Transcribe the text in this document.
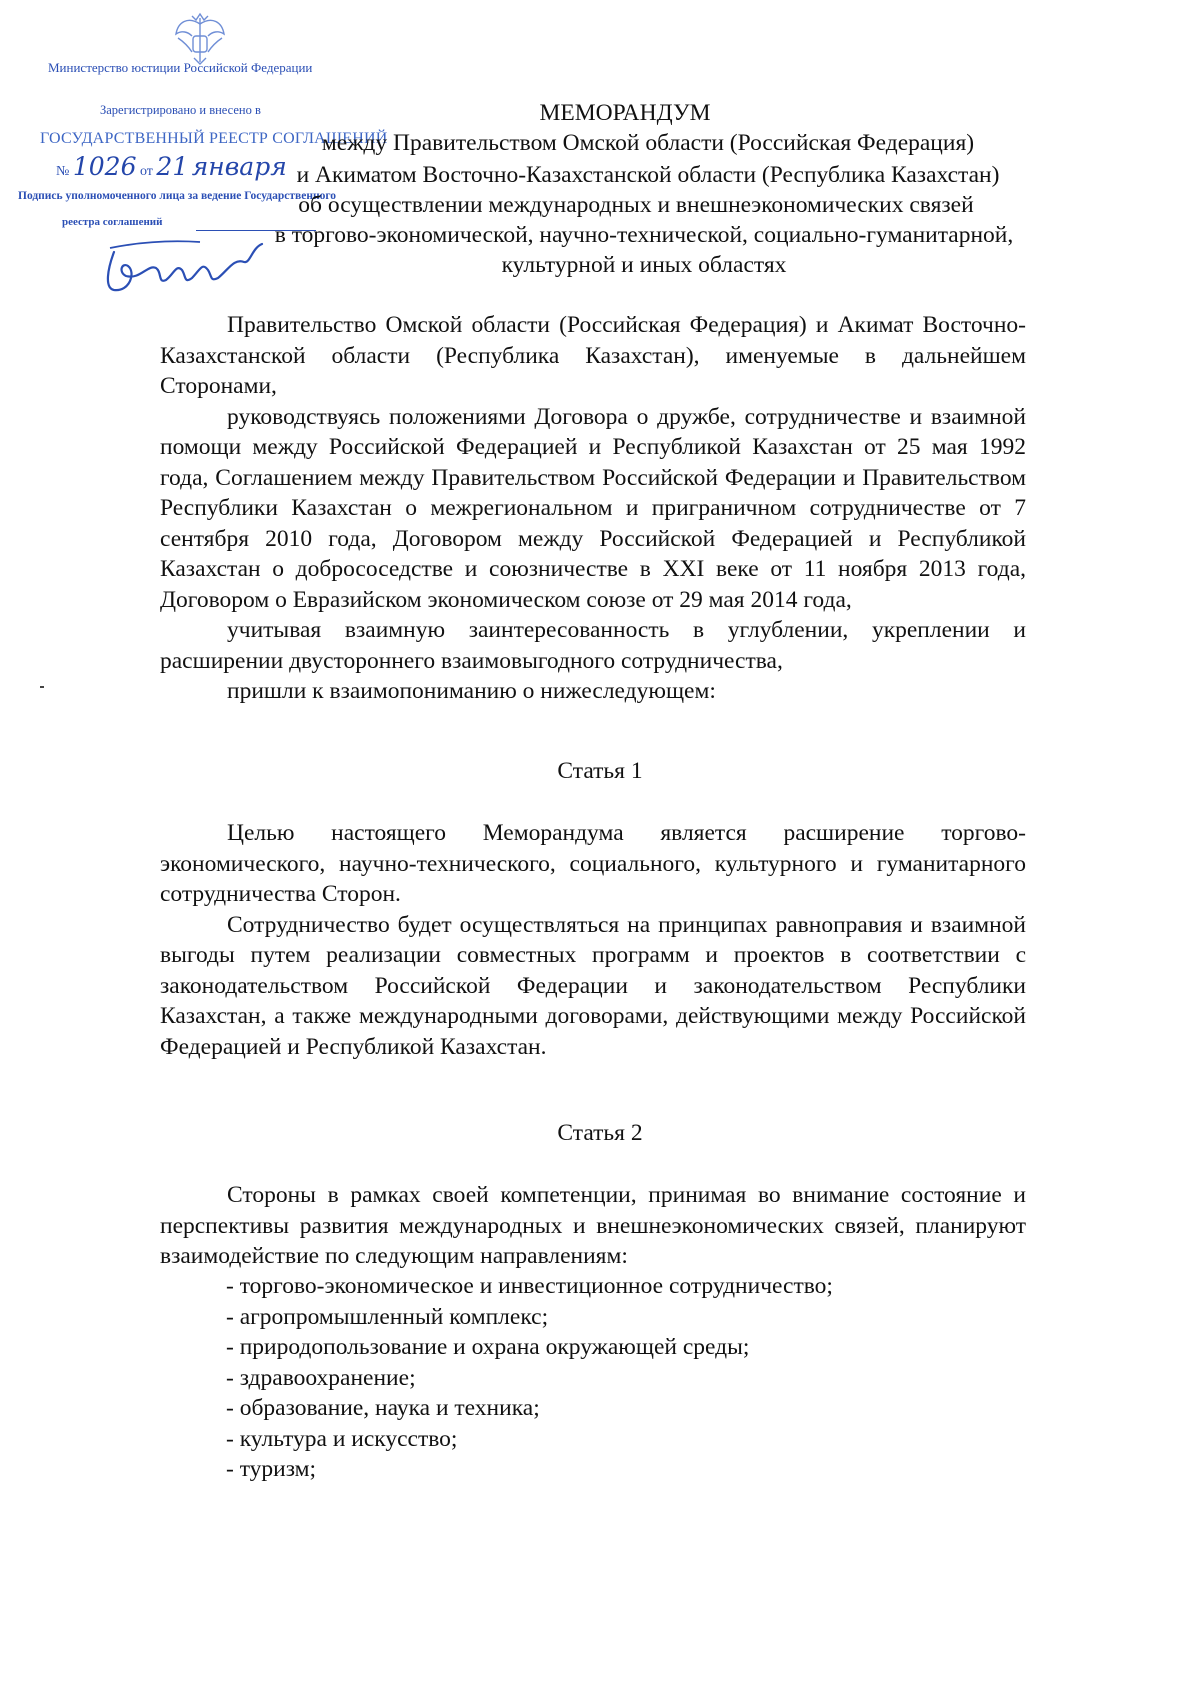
Министерство юстиции Российской Федерации
Зарегистрировано и внесено в
ГОСУДАРСТВЕННЫЙ РЕЕСТР СОГЛАШЕНИЙ
№ 1026 от 21 января
Подпись уполномоченного лица за ведение Государственного
реестра соглашений
МЕМОРАНДУМ
между Правительством Омской области (Российская Федерация)
и Акиматом Восточно-Казахстанской области (Республика Казахстан)
об осуществлении международных и внешнеэкономических связей
в торгово-экономической, научно-технической, социально-гуманитарной,
культурной и иных областях

Правительство Омской области (Российская Федерация) и Акимат Восточно-Казахстанской области (Республика Казахстан), именуемые в дальнейшем Сторонами,

руководствуясь положениями Договора о дружбе, сотрудничестве и взаимной помощи между Российской Федерацией и Республикой Казахстан от 25 мая 1992 года, Соглашением между Правительством Российской Федерации и Правительством Республики Казахстан о межрегиональном и приграничном сотрудничестве от 7 сентября 2010 года, Договором между Российской Федерацией и Республикой Казахстан о добрососедстве и союзничестве в XXI веке от 11 ноября 2013 года, Договором о Евразийском экономическом союзе от 29 мая 2014 года,

учитывая взаимную заинтересованность в углублении, укреплении и расширении двустороннего взаимовыгодного сотрудничества,

пришли к взаимопониманию о нижеследующем:

Статья 1

Целью настоящего Меморандума является расширение торгово-экономического, научно-технического, социального, культурного и гуманитарного сотрудничества Сторон.

Сотрудничество будет осуществляться на принципах равноправия и взаимной выгоды путем реализации совместных программ и проектов в соответствии с законодательством Российской Федерации и законодательством Республики Казахстан, а также международными договорами, действующими между Российской Федерацией и Республикой Казахстан.

Статья 2

Стороны в рамках своей компетенции, принимая во внимание состояние и перспективы развития международных и внешнеэкономических связей, планируют взаимодействие по следующим направлениям:

- торгово-экономическое и инвестиционное сотрудничество;
- агропромышленный комплекс;
- природопользование и охрана окружающей среды;
- здравоохранение;
- образование, наука и техника;
- культура и искусство;
- туризм;
